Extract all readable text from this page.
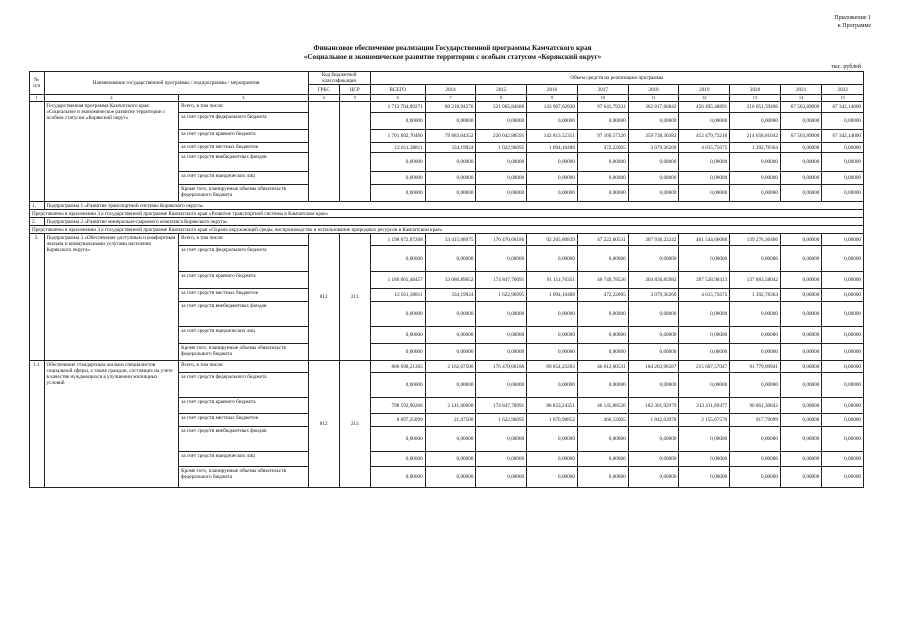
Приложение 1
к Программе
Финансовое обеспечение реализации Государственной программы Камчатского края
«Социальное и экономическое развитие территории с особым статусом «Корякский округ»
тыс. рублей
№ п/п	Наименование государственной программы / подпрограммы / мероприятия		Код бюджетной классификации		Объем средств на реализацию программы									
			ГРБС	ЦСР	ВСЕГО	2014	2015	2016	2017	2018	2019	2020	2021	2022
1	2	3	4	5	6	7	8	9	10	11	12	13	14	15
	Государственная программа Камчатского края «Социальное и экономическое развитие территории с особым статусом «Корякский округ»	Всего, в том числе:			1 713 704,09271	80 218,94276	221 065,84686	143 907,62830	97 641,79331	362 817,66842	456 495,48891	216 051,59406	67 563,89000	67 342,14000
		за счет средств федерального бюджета			0,00000	0,00000	0,00000	0,00000	0,00000	0,00000	0,00000	0,00000	0,00000	0,00000
		за счет средств краевого бюджета			1 701 692,70460	79 883,04352	220 042,88591	142 813,52351	97 169,57326	359 738,30382	452 479,73216	214 658,81042	67 563,89000	67 342,14000
		за счет средств местных бюджетов			12 011,38811	334,19924	1 022,96095	1 094,10488	472,22005	3 079,36260	4 015,75675	1 392,78364	0,00000	0,00000
		за счет средств внебюджетных фондов			0,00000	0,00000	0,00000	0,00000	0,00000	0,00000	0,00000	0,00000	0,00000	0,00000
		за счет средств юридических лиц			0,00000	0,00000	0,00000	0,00000	0,00000	0,00000	0,00000	0,00000	0,00000	0,00000
		Кроме того, планируемые объемы обязательств федерального бюджета			0,00000	0,00000	0,00000	0,00000	0,00000	0,00000	0,00000	0,00000	0,00000	0,00000
1.	Подпрограмма 1 «Развитие транспортной системы Корякского округа»													
Представлены в приложении 3 к государственной программе Камчатского края «Развитие транспортной системы в Камчатском крае»														
2.	Подпрограмма 2 «Развитие минерально-сырьевого комплекса Корякского округа»													
Представлены в приложении 3 к государственной программе Камчатского края «Охрана окружающей среды, воспроизводство и использование природных ресурсов в Камчатском крае»														
3.	Подпрограмма 3 «Обеспечение доступным и комфортным жильем и коммунальными услугами населения Корякского округа»	Всего, в том числе:	812	213	1 198 072,87268	33 415,08975	176 470,66186	92 205,80839	47 222,00531	307 936,22242	401 544,66088	139 276,36406	0,00000	0,00000
		за счет средств федерального бюджета			0,00000	0,00000	0,00000	0,00000	0,00000	0,00000	0,00000	0,00000	0,00000	0,00000
		за счет средств краевого бюджета			1 186 061,48457	33 080,89052	174 847,70091	91 111,70351	46 749,78526	304 856,85982	397 528,90413	137 883,58042	0,00000	0,00000
		за счет средств местных бюджетов			12 011,38811	334,19924	1 622,96095	1 094,10488	472,22005	3 079,36260	4 015,75675	1 392,78364	0,00000	0,00000
		за счет средств внебюджетных фондов			0,00000	0,00000	0,00000	0,00000	0,00000	0,00000	0,00000	0,00000	0,00000	0,00000
		за счет средств юридических лиц			0,00000	0,00000	0,00000	0,00000	0,00000	0,00000	0,00000	0,00000	0,00000	0,00000
		Кроме того, планируемые объемы обязательств федерального бюджета			0,00000	0,00000	0,00000	0,00000	0,00000	0,00000	0,00000	0,00000	0,00000	0,00000
3.1.	Обеспечение стандартным жильем специалистов социальной сферы, а также граждан, состоящих на учете в качестве нуждающихся в улучшении жилищных условий	Всего, в том числе:	812	213	806 690,21365	2 162,67500	176 470,66186	89 854,23203	46 612,00531	184 203,96587	215 607,57047	91 779,09941	0,00000	0,00000
		за счет средств федерального бюджета			0,00000	0,00000	0,00000	0,00000	0,00000	0,00000	0,00000	0,00000	0,00000	0,00000
		за счет средств краевого бюджета			798 592,90266	2 141,00000	174 847,70091	88 823,24351	46 145,88526	182 361,92979	213 411,89477	90 861,30842	0,00000	0,00000
		за счет средств местных бюджетов			8 097,25099	21,67500	1 622,96095	1 070,98852	466,12005	1 842,03978	2 155,67570	917,79099	0,00000	0,00000
		за счет средств внебюджетных фондов			0,00000	0,00000	0,00000	0,00000	0,00000	0,00000	0,00000	0,00000	0,00000	0,00000
		за счет средств юридических лиц			0,00000	0,00000	0,00000	0,00000	0,00000	0,00000	0,00000	0,00000	0,00000	0,00000
		Кроме того, планируемые объемы обязательств федерального бюджета			0,00000	0,00000	0,00000	0,00000	0,00000	0,00000	0,00000	0,00000	0,00000	0,00000
